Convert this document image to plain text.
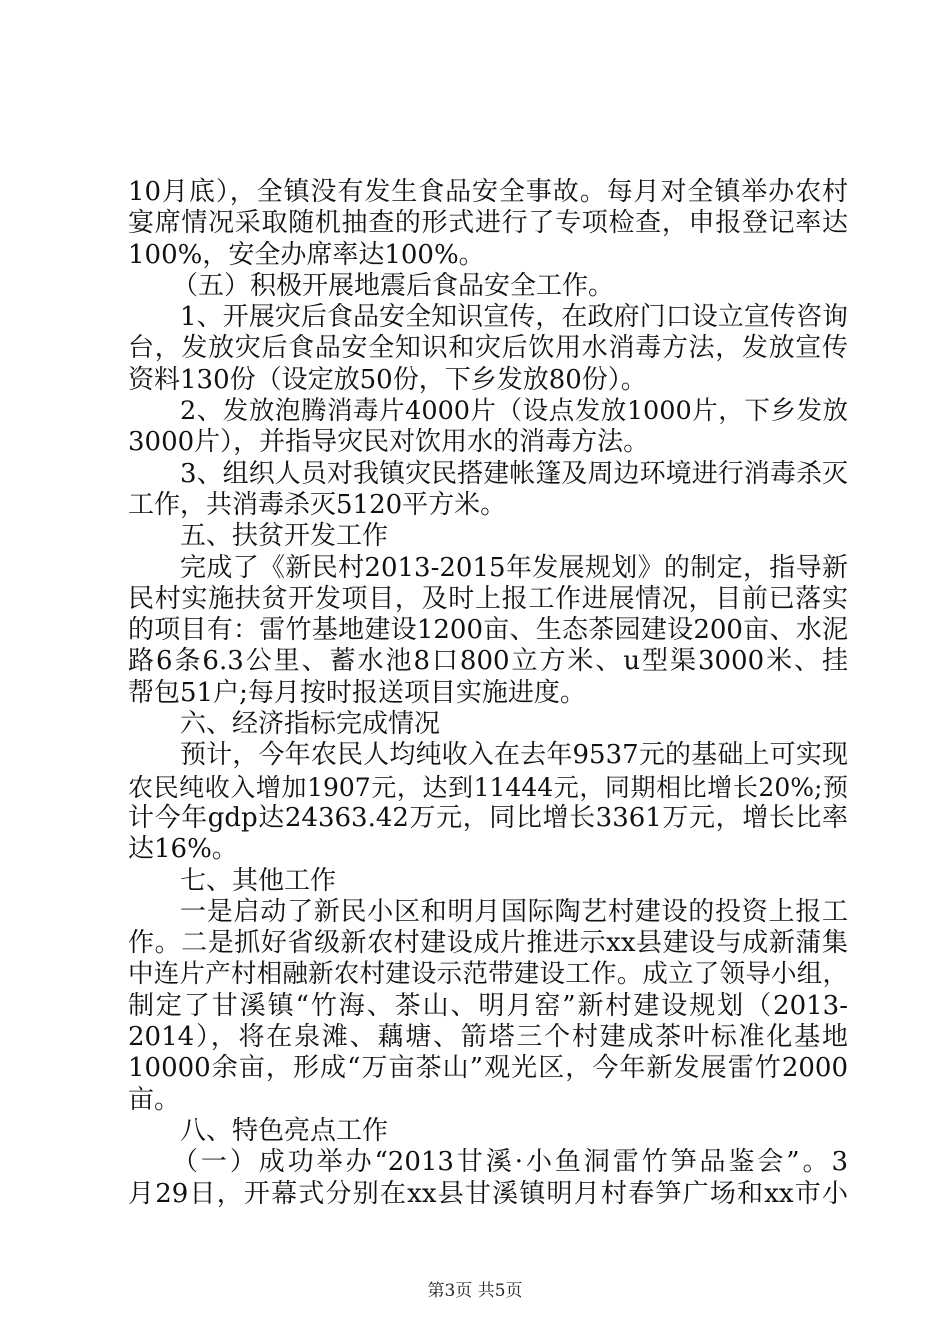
10月底），全镇没有发生食品安全事故。每月对全镇举办农村
宴席情况采取随机抽查的形式进行了专项检查，申报登记率达
100%，安全办席率达100%。
（五）积极开展地震后食品安全工作。
1、开展灾后食品安全知识宣传，在政府门口设立宣传咨询
台，发放灾后食品安全知识和灾后饮用水消毒方法，发放宣传
资料130份（设定放50份，下乡发放80份）。
2、发放泡腾消毒片4000片（设点发放1000片，下乡发放
3000片），并指导灾民对饮用水的消毒方法。
3、组织人员对我镇灾民搭建帐篷及周边环境进行消毒杀灭
工作，共消毒杀灭5120平方米。
五、扶贫开发工作
完成了《新民村2013-2015年发展规划》的制定，指导新
民村实施扶贫开发项目，及时上报工作进展情况，目前已落实
的项目有：雷竹基地建设1200亩、生态茶园建设200亩、水泥
路6条6.3公里、蓄水池8口800立方米、u型渠3000米、挂
帮包51户;每月按时报送项目实施进度。
六、经济指标完成情况
预计，今年农民人均纯收入在去年9537元的基础上可实现
农民纯收入增加1907元，达到11444元，同期相比增长20%;预
计今年gdp达24363.42万元，同比增长3361万元，增长比率
达16%。
七、其他工作
一是启动了新民小区和明月国际陶艺村建设的投资上报工
作。二是抓好省级新农村建设成片推进示xx县建设与成新蒲集
中连片产村相融新农村建设示范带建设工作。成立了领导小组，
制定了甘溪镇“竹海、茶山、明月窑”新村建设规划（2013-
2014），将在泉滩、藕塘、箭塔三个村建成茶叶标准化基地
10000余亩，形成“万亩茶山”观光区，今年新发展雷竹2000
亩。
八、特色亮点工作
（一）成功举办“2013甘溪·小鱼洞雷竹笋品鉴会”。3
月29日，开幕式分别在xx县甘溪镇明月村春笋广场和xx市小
第3页 共5页
